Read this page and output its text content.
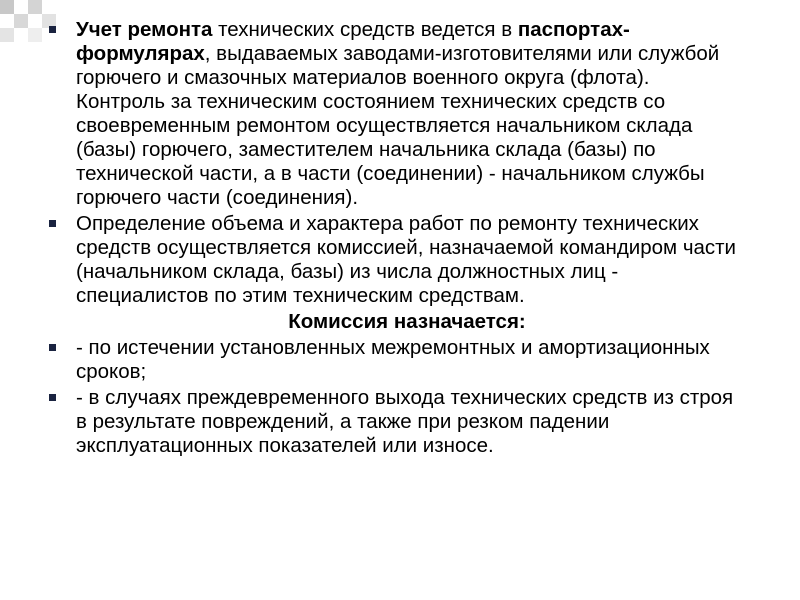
Учет ремонта технических средств ведется в паспортах-формулярах, выдаваемых заводами-изготовителями или службой горючего и смазочных материалов военного округа (флота). Контроль за техническим состоянием технических средств со своевременным ремонтом осуществляется начальником склада (базы) горючего, заместителем начальника склада (базы) по технической части, а в части (соединении) - начальником службы горючего части (соединения).
Определение объема и характера работ по ремонту технических средств осуществляется комиссией, назначаемой командиром части (начальником склада, базы) из числа должностных лиц - специалистов по этим техническим средствам.
Комиссия назначается:
- по истечении установленных межремонтных и амортизационных сроков;
- в случаях преждевременного выхода технических средств из строя в результате повреждений, а также при резком падении эксплуатационных показателей или износе.
